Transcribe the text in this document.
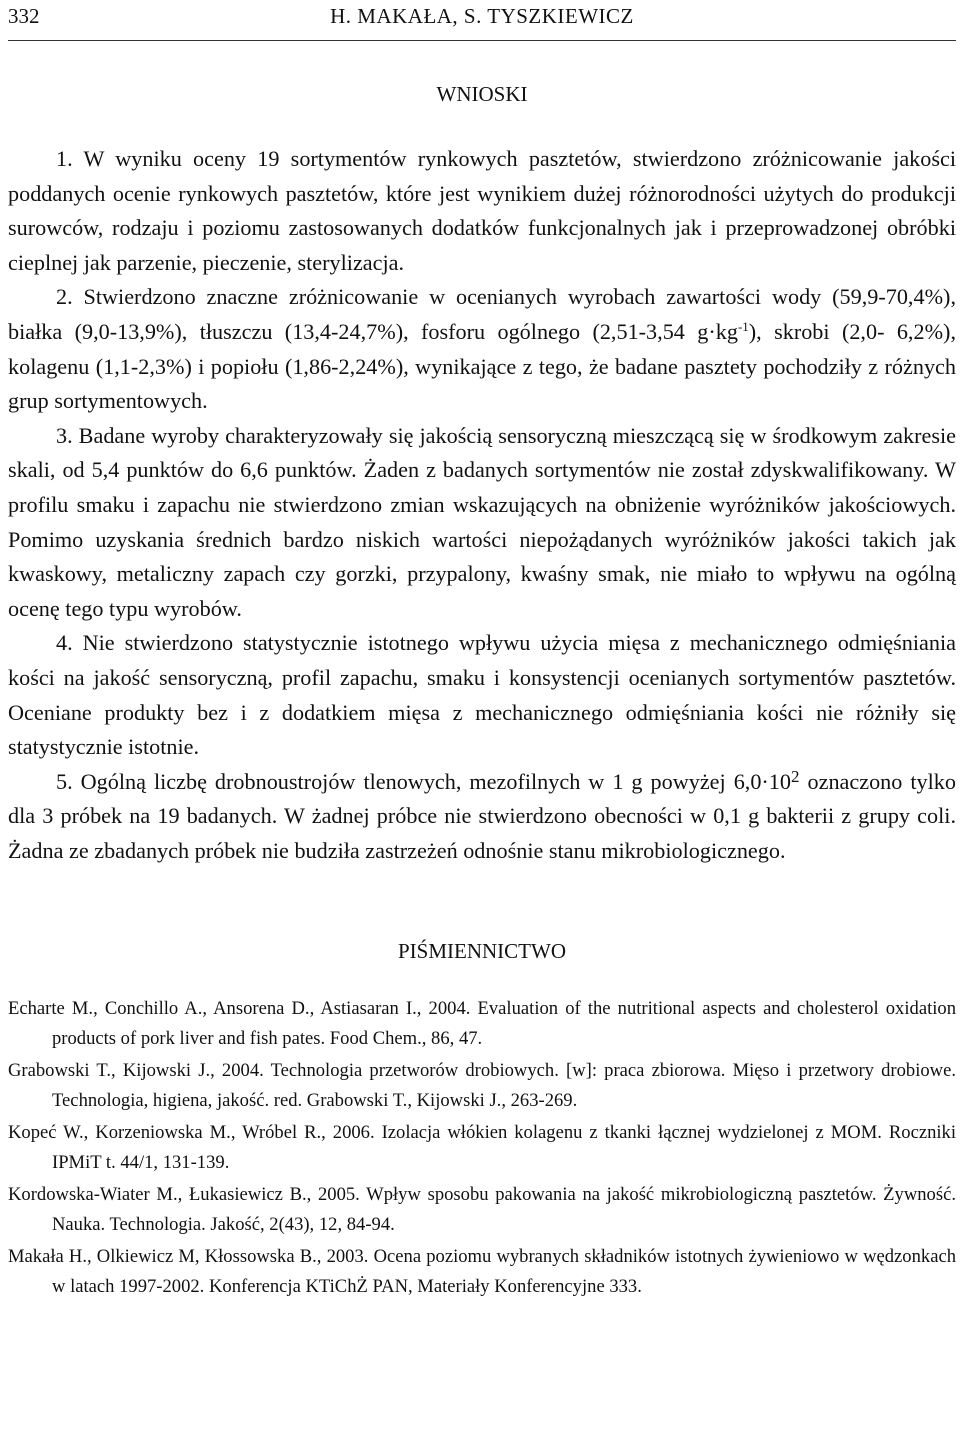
332	H. MAKAŁA, S. TYSZKIEWICZ
WNIOSKI

1. W wyniku oceny 19 sortymentów rynkowych pasztetów, stwierdzono zróżnicowanie jakości poddanych ocenie rynkowych pasztetów, które jest wynikiem dużej różnorodności użytych do produkcji surowców, rodzaju i poziomu zastosowanych dodatków funkcjonalnych jak i przeprowadzonej obróbki cieplnej jak parzenie, pieczenie, sterylizacja.

2. Stwierdzono znaczne zróżnicowanie w ocenianych wyrobach zawartości wody (59,9-70,4%), białka (9,0-13,9%), tłuszczu (13,4-24,7%), fosforu ogólnego (2,51-3,54 $g\cdot kg^{-1}$), skrobi (2,0- 6,2%), kolagenu (1,1-2,3%) i popiołu (1,86-2,24%), wynikające z tego, że badane pasztety pochodziły z różnych grup sortymentowych.

3. Badane wyroby charakteryzowały się jakością sensoryczną mieszczącą się w środkowym zakresie skali, od 5,4 punktów do 6,6 punktów. Żaden z badanych sortymentów nie został zdyskwalifikowany. W profilu smaku i zapachu nie stwierdzono zmian wskazujących na obniżenie wyróżników jakościowych. Pomimo uzyskania średnich bardzo niskich wartości niepożądanych wyróżników jakości takich jak kwaskowy, metaliczny zapach czy gorzki, przypalony, kwaśny smak, nie miało to wpływu na ogólną ocenę tego typu wyrobów.

4. Nie stwierdzono statystycznie istotnego wpływu użycia mięsa z mechanicznego odmięśniania kości na jakość sensoryczną, profil zapachu, smaku i konsystencji ocenianych sortymentów pasztetów. Oceniane produkty bez i z dodatkiem mięsa z mechanicznego odmięśniania kości nie różniły się statystycznie istotnie.

5. Ogólną liczbę drobnoustrojów tlenowych, mezofilnych w 1 g powyżej $6,0\cdot 10^2$ oznaczono tylko dla 3 próbek na 19 badanych. W żadnej próbce nie stwierdzono obecności w 0,1 g bakterii z grupy coli. Żadna ze zbadanych próbek nie budziła zastrzeżeń odnośnie stanu mikrobiologicznego.

PIŚMIENNICTWO

Echarte M., Conchillo A., Ansorena D., Astiasaran I., 2004. Evaluation of the nutritional aspects and cholesterol oxidation products of pork liver and fish pates. Food Chem., 86, 47.

Grabowski T., Kijowski J., 2004. Technologia przetworów drobiowych. [w]: praca zbiorowa. Mięso i przetwory drobiowe. Technologia, higiena, jakość. red. Grabowski T., Kijowski J., 263-269.

Kopeć W., Korzeniowska M., Wróbel R., 2006. Izolacja włókien kolagenu z tkanki łącznej wydzielonej z MOM. Roczniki IPMiT t. 44/1, 131-139.

Kordowska-Wiater M., Łukasiewicz B., 2005. Wpływ sposobu pakowania na jakość mikrobiologiczną pasztetów. Żywność. Nauka. Technologia. Jakość, 2(43), 12, 84-94.

Makała H., Olkiewicz M, Kłossowska B., 2003. Ocena poziomu wybranych składników istotnych żywieniowo w wędzonkach w latach 1997-2002. Konferencja KTiChŻ PAN, Materiały Konferencyjne 333.
